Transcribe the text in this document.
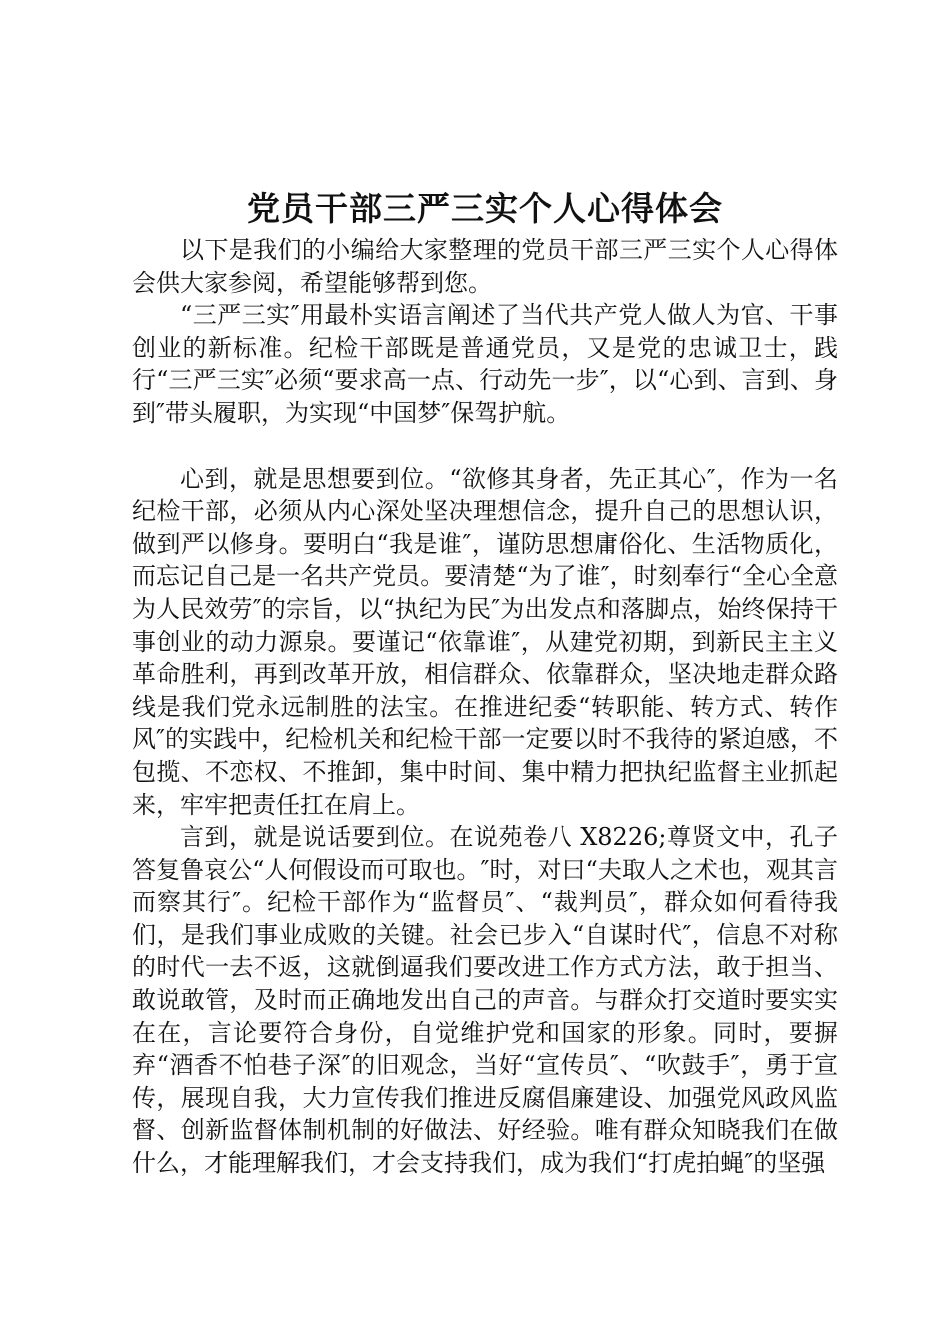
党员干部三严三实个人心得体会

以下是我们的小编给大家整理的党员干部三严三实个人心得体会供大家参阅，希望能够帮到您。

“三严三实″用最朴实语言阐述了当代共产党人做人为官、干事创业的新标准。纪检干部既是普通党员，又是党的忠诚卫士，践行“三严三实″必须“要求高一点、行动先一步″，以“心到、言到、身到″带头履职，为实现“中国梦″保驾护航。

心到，就是思想要到位。“欲修其身者，先正其心″，作为一名纪检干部，必须从内心深处坚决理想信念，提升自己的思想认识，做到严以修身。要明白“我是谁″，谨防思想庸俗化、生活物质化，而忘记自己是一名共产党员。要清楚“为了谁″，时刻奉行“全心全意为人民效劳″的宗旨，以“执纪为民″为出发点和落脚点，始终保持干事创业的动力源泉。要谨记“依靠谁″，从建党初期，到新民主主义革命胜利，再到改革开放，相信群众、依靠群众，坚决地走群众路线是我们党永远制胜的法宝。在推进纪委“转职能、转方式、转作风″的实践中，纪检机关和纪检干部一定要以时不我待的紧迫感，不包揽、不恋权、不推卸，集中时间、集中精力把执纪监督主业抓起来，牢牢把责任扛在肩上。

言到，就是说话要到位。在说苑卷八 X8226;尊贤文中，孔子答复鲁哀公“人何假设而可取也。″时，对曰“夫取人之术也，观其言而察其行″。纪检干部作为“监督员″、“裁判员″，群众如何看待我们，是我们事业成败的关键。社会已步入“自谋时代″，信息不对称的时代一去不返，这就倒逼我们要改进工作方式方法，敢于担当、敢说敢管，及时而正确地发出自己的声音。与群众打交道时要实实在在，言论要符合身份，自觉维护党和国家的形象。同时，要摒弃“酒香不怕巷子深″的旧观念，当好“宣传员″、“吹鼓手″，勇于宣传，展现自我，大力宣传我们推进反腐倡廉建设、加强党风政风监督、创新监督体制机制的好做法、好经验。唯有群众知晓我们在做什么，才能理解我们，才会支持我们，成为我们“打虎拍蝇″的坚强
